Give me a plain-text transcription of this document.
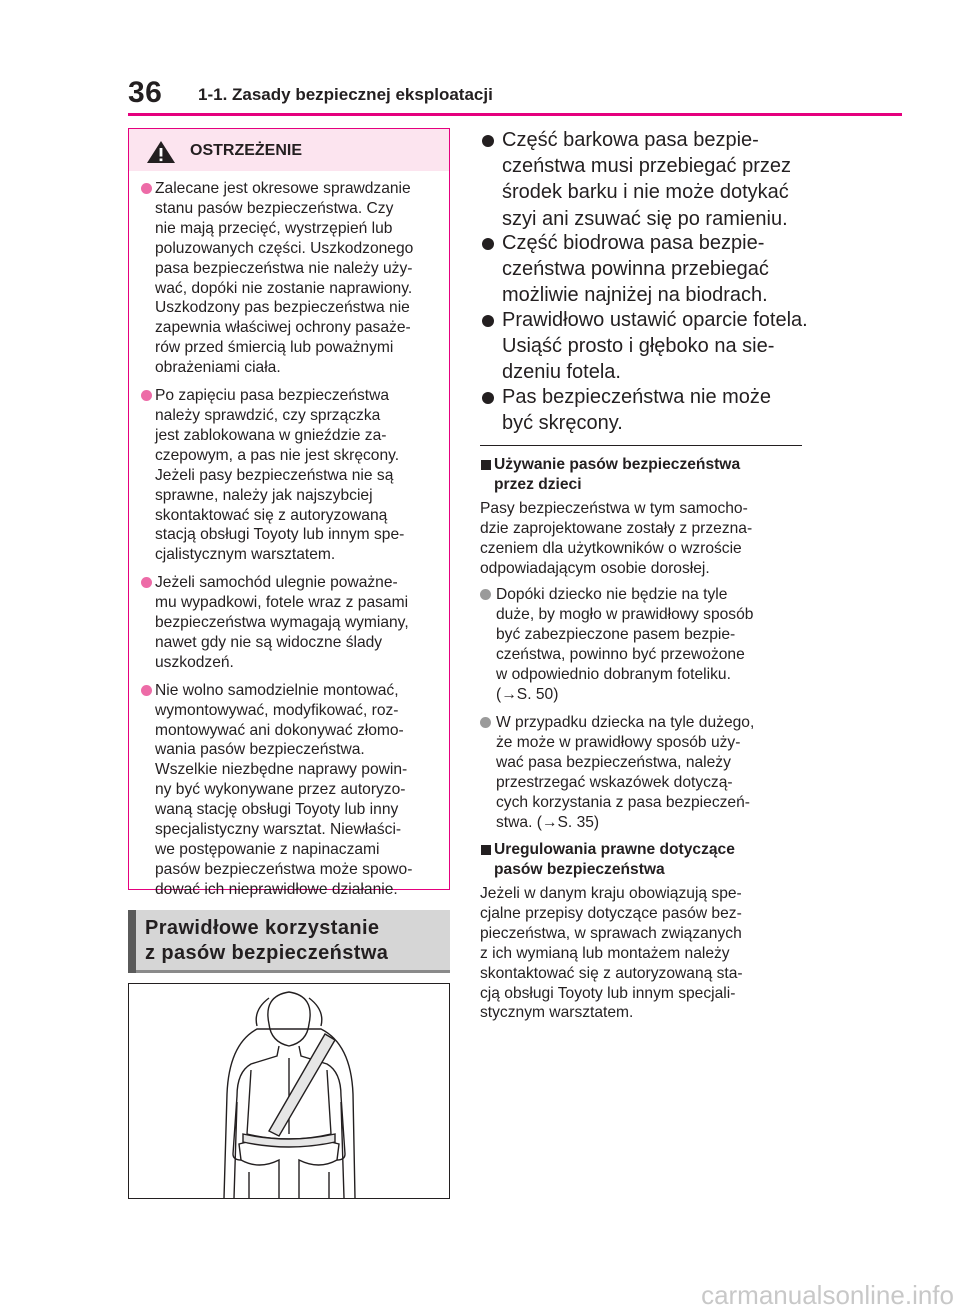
36 1-1. Zasady bezpiecznej eksploatacji
OSTRZEŻENIE
Zalecane jest okresowe sprawdzanie
stanu pasów bezpieczeństwa. Czy
nie mają przecięć, wystrzępień lub
poluzowanych części. Uszkodzonego
pasa bezpieczeństwa nie należy uży-
wać, dopóki nie zostanie naprawiony.
Uszkodzony pas bezpieczeństwa nie
zapewnia właściwej ochrony pasaże-
rów przed śmiercią lub poważnymi
obrażeniami ciała.
Po zapięciu pasa bezpieczeństwa
należy sprawdzić, czy sprzączka
jest zablokowana w gnieździe za-
czepowym, a pas nie jest skręcony.
Jeżeli pasy bezpieczeństwa nie są
sprawne, należy jak najszybciej
skontaktować się z autoryzowaną
stacją obsługi Toyoty lub innym spe-
cjalistycznym warsztatem.
Jeżeli samochód ulegnie poważne-
mu wypadkowi, fotele wraz z pasami
bezpieczeństwa wymagają wymiany,
nawet gdy nie są widoczne ślady
uszkodzeń.
Nie wolno samodzielnie montować,
wymontowywać, modyfikować, roz-
montowywać ani dokonywać złomo-
wania pasów bezpieczeństwa.
Wszelkie niezbędne naprawy powin-
ny być wykonywane przez autoryzo-
waną stację obsługi Toyoty lub inny
specjalistyczny warsztat. Niewłaści-
we postępowanie z napinaczami
pasów bezpieczeństwa może spowo-
dować ich nieprawidłowe działanie.
Prawidłowe korzystanie
z pasów bezpieczeństwa
Część barkowa pasa bezpie-
czeństwa musi przebiegać przez
środek barku i nie może dotykać
szyi ani zsuwać się po ramieniu.
Część biodrowa pasa bezpie-
czeństwa powinna przebiegać
możliwie najniżej na biodrach.
Prawidłowo ustawić oparcie fotela.
Usiąść prosto i głęboko na sie-
dzeniu fotela.
Pas bezpieczeństwa nie może
być skręcony.
Używanie pasów bezpieczeństwa
przez dzieci
Pasy bezpieczeństwa w tym samocho-
dzie zaprojektowane zostały z przezna-
czeniem dla użytkowników o wzroście
odpowiadającym osobie dorosłej.
Dopóki dziecko nie będzie na tyle
duże, by mogło w prawidłowy sposób
być zabezpieczone pasem bezpie-
czeństwa, powinno być przewożone
w odpowiednio dobranym foteliku.
(→S. 50)
W przypadku dziecka na tyle dużego,
że może w prawidłowy sposób uży-
wać pasa bezpieczeństwa, należy
przestrzegać wskazówek dotyczą-
cych korzystania z pasa bezpieczeń-
stwa. (→S. 35)
Uregulowania prawne dotyczące
pasów bezpieczeństwa
Jeżeli w danym kraju obowiązują spe-
cjalne przepisy dotyczące pasów bez-
pieczeństwa, w sprawach związanych
z ich wymianą lub montażem należy
skontaktować się z autoryzowaną sta-
cją obsługi Toyoty lub innym specjali-
stycznym warsztatem.
carmanualsonline.info
